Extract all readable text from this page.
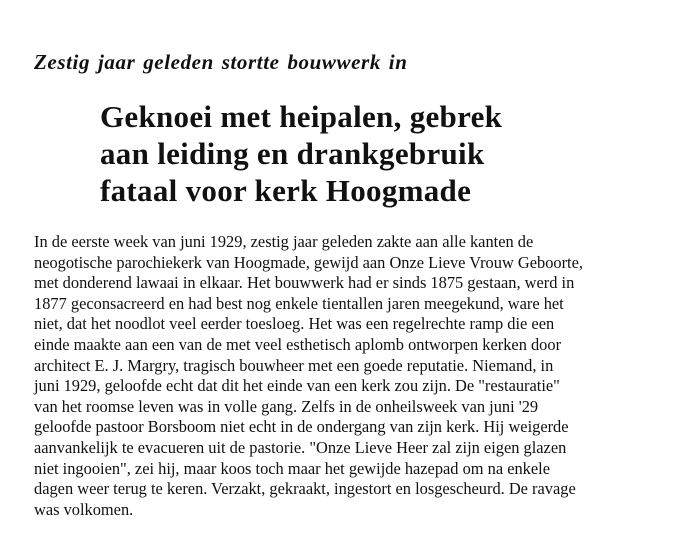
Zestig jaar geleden stortte bouwwerk in
Geknoei met heipalen, gebrek
aan leiding en drankgebruik
fataal voor kerk Hoogmade
In de eerste week van juni 1929, zestig jaar geleden zakte aan alle kanten de
neogotische parochiekerk van Hoogmade, gewijd aan Onze Lieve Vrouw Geboorte,
met donderend lawaai in elkaar. Het bouwwerk had er sinds 1875 gestaan, werd in
1877 geconsacreerd en had best nog enkele tientallen jaren meegekund, ware het
niet, dat het noodlot veel eerder toesloeg. Het was een regelrechte ramp die een
einde maakte aan een van de met veel esthetisch aplomb ontworpen kerken door
architect E. J. Margry, tragisch bouwheer met een goede reputatie. Niemand, in
juni 1929, geloofde echt dat dit het einde van een kerk zou zijn. De "restauratie"
van het roomse leven was in volle gang. Zelfs in de onheilsweek van juni '29
geloofde pastoor Borsboom niet echt in de ondergang van zijn kerk. Hij weigerde
aanvankelijk te evacueren uit de pastorie. "Onze Lieve Heer zal zijn eigen glazen
niet ingooien", zei hij, maar koos toch maar het gewijde hazepad om na enkele
dagen weer terug te keren. Verzakt, gekraakt, ingestort en losgescheurd. De ravage
was volkomen.
